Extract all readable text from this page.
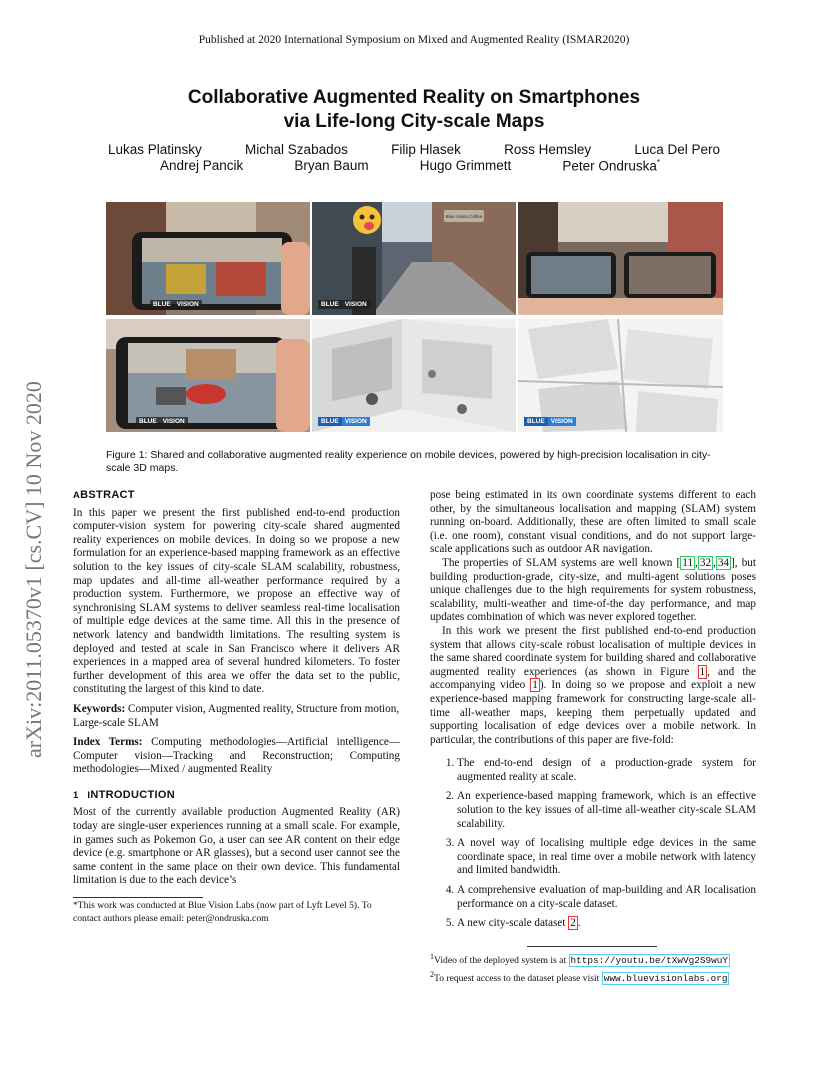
Published at 2020 International Symposium on Mixed and Augmented Reality (ISMAR2020)
arXiv:2011.05370v1 [cs.CV] 10 Nov 2020
Collaborative Augmented Reality on Smartphones
via Life-long City-scale Maps
Lukas Platinsky	Michal Szabados	Filip Hlasek	Ross Hemsley	Luca Del Pero
Andrej Pancik	Bryan Baum	Hugo Grimmett	Peter Ondruska*
BLUE VISION
Blue Vision Coffee
BLUE VISION
BLUE VISION	BLUE VISION	BLUE VISION
Figure 1: Shared and collaborative augmented reality experience on mobile devices, powered by high-precision localisation in city-scale 3D maps.
ABSTRACT

In this paper we present the first published end-to-end production computer-vision system for powering city-scale shared augmented reality experiences on mobile devices. In doing so we propose a new formulation for an experience-based mapping framework as an effective solution to the key issues of city-scale SLAM scalability, robustness, map updates and all-time all-weather performance required by a production system. Furthermore, we propose an effective way of synchronising SLAM systems to deliver seamless real-time localisation of multiple edge devices at the same time. All this in the presence of network latency and bandwidth limitations. The resulting system is deployed and tested at scale in San Francisco where it delivers AR experiences in a mapped area of several hundred kilometers. To foster further development of this area we offer the data set to the public, constituting the largest of this kind to date.

Keywords: Computer vision, Augmented reality, Structure from motion, Large-scale SLAM

Index Terms: Computing methodologies—Artificial intelligence—Computer vision—Tracking and Reconstruction; Computing methodologies—Mixed / augmented Reality

1 INTRODUCTION

Most of the currently available production Augmented Reality (AR) today are single-user experiences running at a small scale. For example, in games such as Pokemon Go, a user can see AR content on their edge device (e.g. smartphone or AR glasses), but a second user cannot see the same content in the same place on their own device. This fundamental limitation is due to the each device’s

*This work was conducted at Blue Vision Labs (now part of Lyft Level 5). To contact authors please email: peter@ondruska.com

pose being estimated in its own coordinate systems different to each other, by the simultaneous localisation and mapping (SLAM) system running on-board. Additionally, these are often limited to small scale (i.e. one room), constant visual conditions, and do not support large-scale applications such as outdoor AR navigation.

The properties of SLAM systems are well known [ 11 , 32 , 34 ], but building production-grade, city-size, and multi-agent solutions poses unique challenges due to the high requirements for system robustness, scalability, multi-weather and time-of-the day performance, and map updates combination of which was never explored together.

In this work we present the first published end-to-end production system that allows city-scale robust localisation of multiple devices in the same shared coordinate system for building shared and collaborative augmented reality experiences (as shown in Figure 1 , and the accompanying video 1 ). In doing so we propose and exploit a new experience-based mapping framework for constructing large-scale all-time all-weather maps, keeping them perpetually updated and supporting localisation of edge devices over a mobile network. In particular, the contributions of this paper are five-fold:

1. The end-to-end design of a production-grade system for augmented reality at scale.
2. An experience-based mapping framework, which is an effective solution to the key issues of all-time all-weather city-scale SLAM scalability.
3. A novel way of localising multiple edge devices in the same coordinate space, in real time over a mobile network with latency and limited bandwidth.
4. A comprehensive evaluation of map-building and AR localisation performance on a city-scale dataset.
5. A new city-scale dataset 2 .
$^1$Video of the deployed system is at https://youtu.be/tXwVg2S9wuY
$^2$To request access to the dataset please visit www.bluevisionlabs.org
